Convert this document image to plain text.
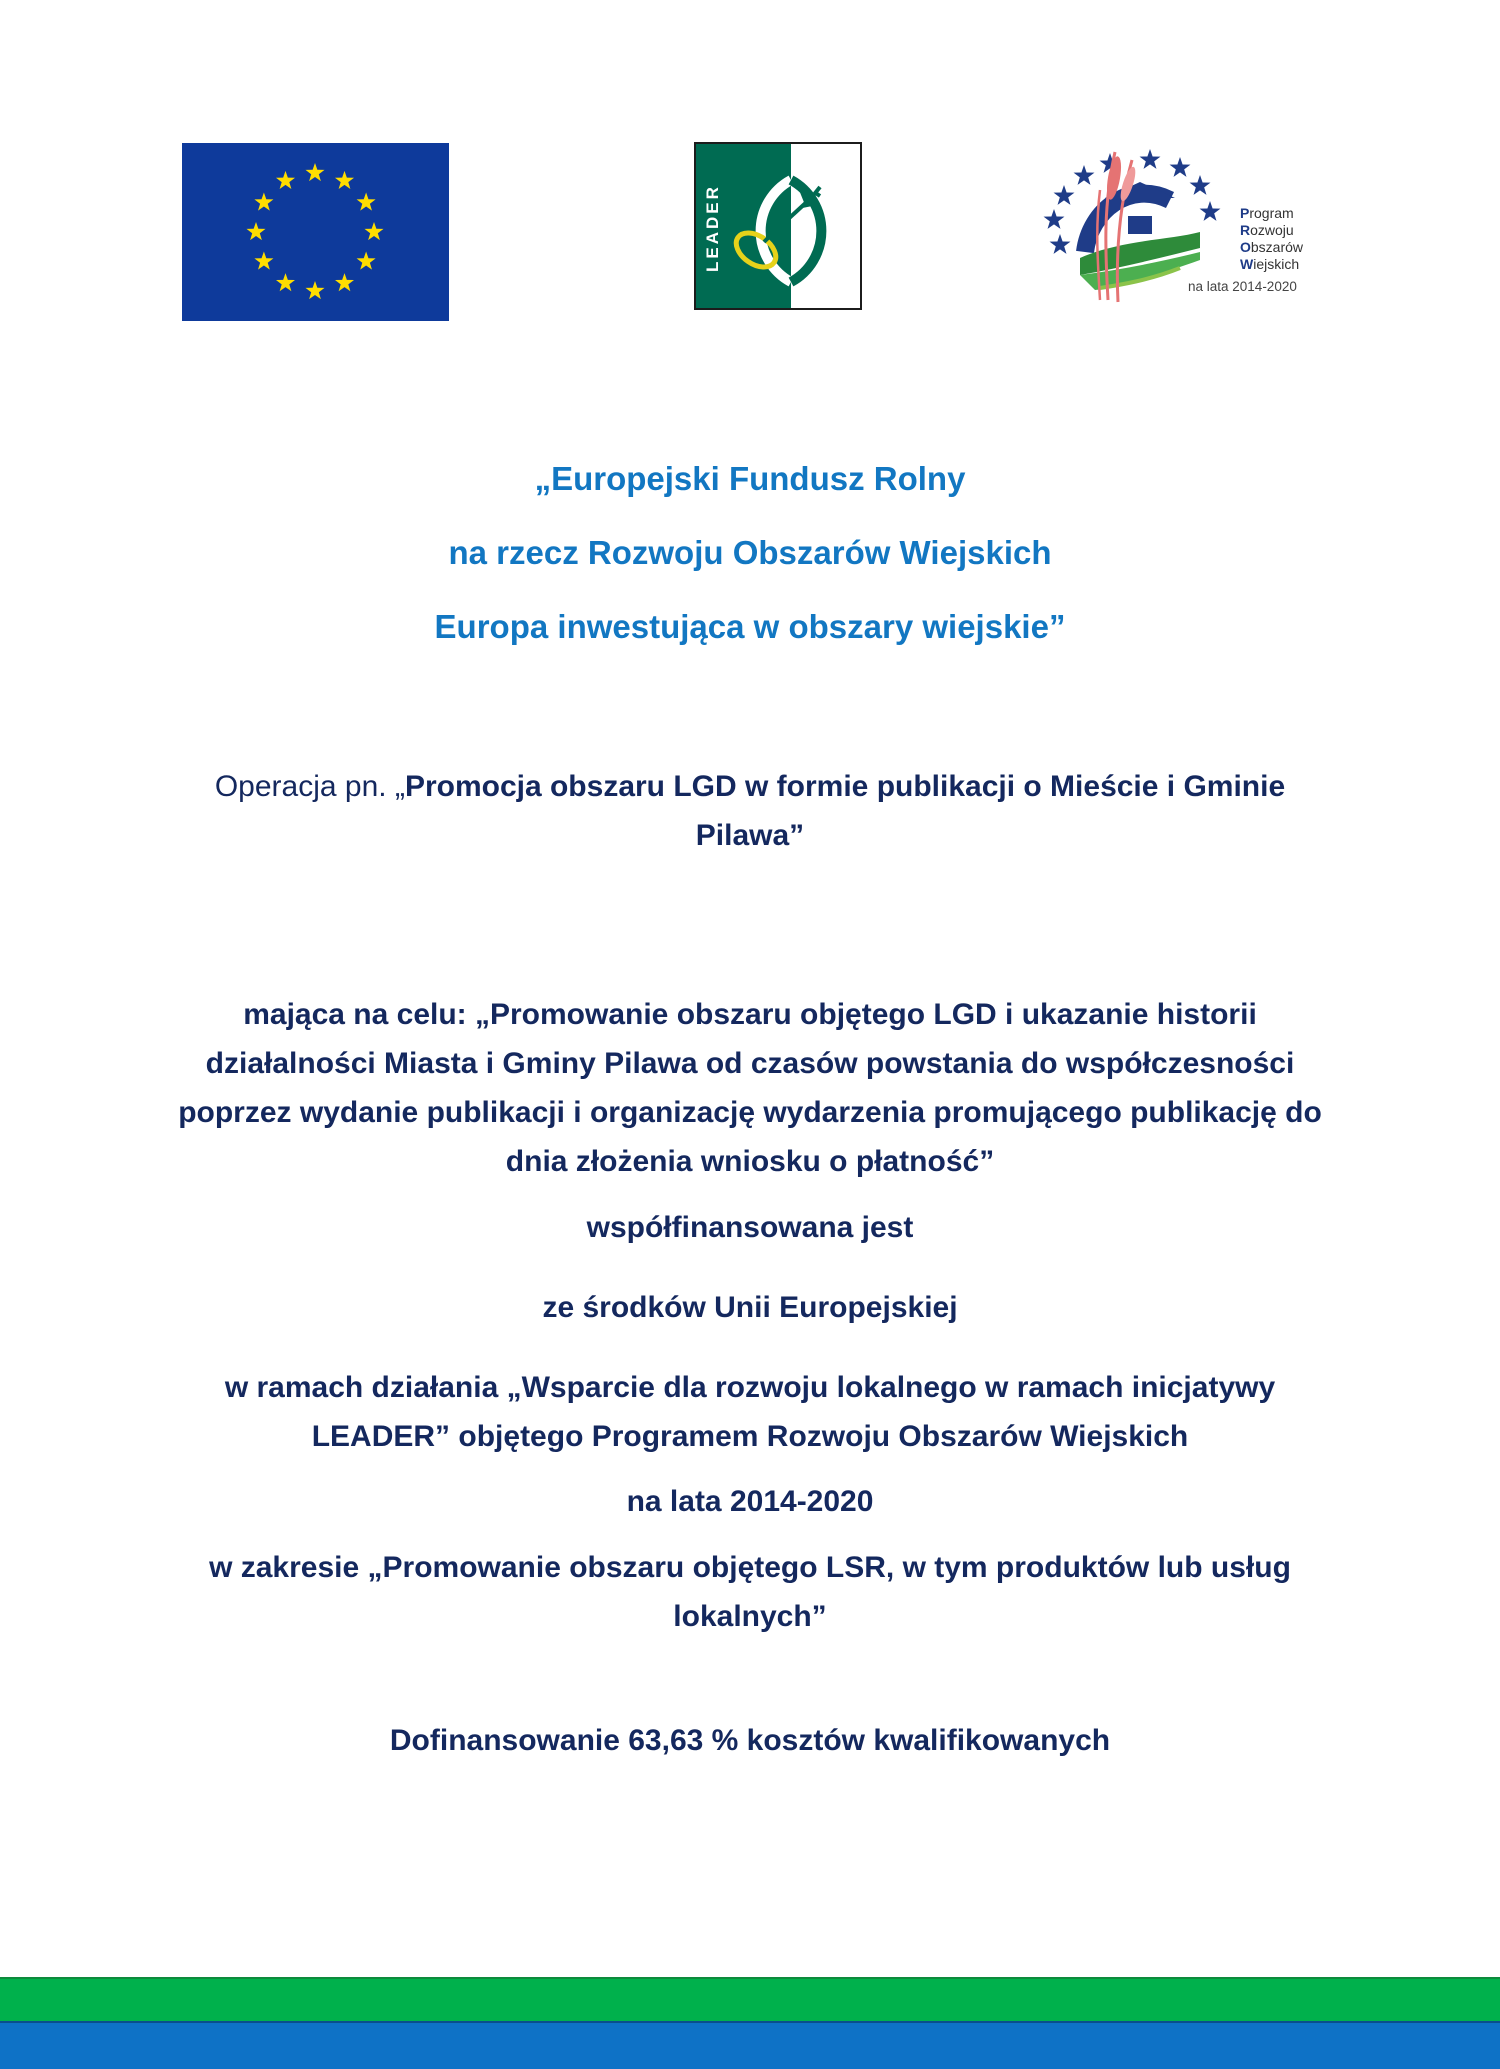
LEADER	Program
Rozwoju
Obszarów
Wiejskich
na lata 2014-2020
„Europejski Fundusz Rolny
na rzecz Rozwoju Obszarów Wiejskich
Europa inwestująca w obszary wiejskie”
Operacja pn. „Promocja obszaru LGD w formie publikacji o Mieście i Gminie Pilawa”
mająca na celu: „Promowanie obszaru objętego LGD i ukazanie historii działalności Miasta i Gminy Pilawa od czasów powstania do współczesności poprzez wydanie publikacji i organizację wydarzenia promującego publikację do dnia złożenia wniosku o płatność”
współfinansowana jest
ze środków Unii Europejskiej
w ramach działania „Wsparcie dla rozwoju lokalnego w ramach inicjatywy LEADER” objętego Programem Rozwoju Obszarów Wiejskich
na lata 2014-2020
w zakresie „Promowanie obszaru objętego LSR, w tym produktów lub usług lokalnych”
Dofinansowanie 63,63 % kosztów kwalifikowanych
